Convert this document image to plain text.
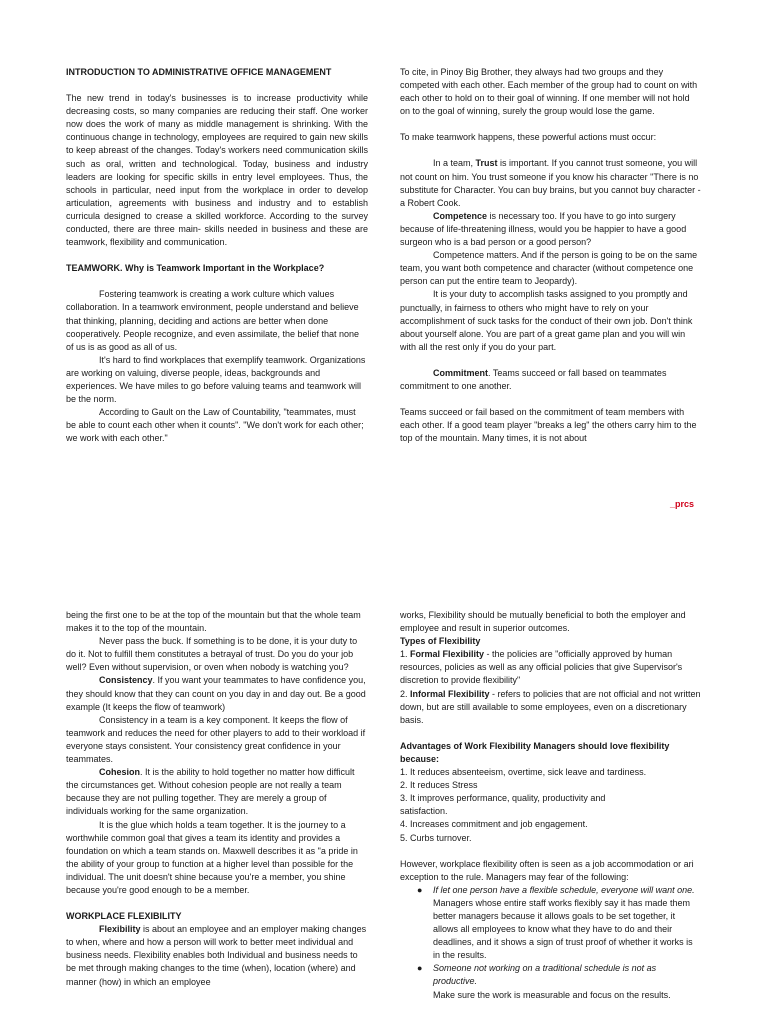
INTRODUCTION TO ADMINISTRATIVE OFFICE MANAGEMENT

The new trend in today's businesses is to increase productivity while decreasing costs, so many companies are reducing their staff. One worker now does the work of many as middle management is shrinking. With the continuous change in technology, employees are required to gain new skills to keep abreast of the changes. Today's workers need communication skills such as oral, written and technological. Today, business and industry leaders are looking for specific skills in entry level employees. Thus, the schools in particular, need input from the workplace in order to develop articulation, agreements with business and industry and to establish curricula designed to crease a skilled workforce. According to the survey conducted, there are three main- skills needed in business and these are teamwork, flexibility and communication.

TEAMWORK. Why is Teamwork Important in the Workplace?

Fostering teamwork is creating a work culture which values collaboration. In a teamwork environment, people understand and believe that thinking, planning, deciding and actions are better when done cooperatively. People recognize, and even assimilate, the belief that none of us is as good as all of us.

It's hard to find workplaces that exemplify teamwork. Organizations are working on valuing, diverse people, ideas, backgrounds and experiences. We have miles to go before valuing teams and teamwork will be the norm.

According to Gault on the Law of Countability, "teammates, must be able to count each other when it counts". "We don't work for each other; we work with each other."

To cite, in Pinoy Big Brother, they always had two groups and they competed with each other. Each member of the group had to count on with each other to hold on to their goal of winning. If one member will not hold on to the goal of winning, surely the group would lose the game.

To make teamwork happens, these powerful actions must occur:

In a team, Trust is important. If you cannot trust someone, you will not count on him. You trust someone if you know his character "There is no substitute for Character. You can buy brains, but you cannot buy character - a Robert Cook.

Competence is necessary too. If you have to go into surgery because of life-threatening illness, would you be happier to have a good surgeon who is a bad person or a good person?

Competence matters. And if the person is going to be on the same team, you want both competence and character (without competence one person can put the entire team to Jeopardy).

It is your duty to accomplish tasks assigned to you promptly and punctually, in fairness to others who might have to rely on your accomplishment of suck tasks for the conduct of their own job. Don't think about yourself alone. You are part of a great game plan and you will win with all the rest only if you do your part.

Commitment. Teams succeed or fall based on teammates commitment to one another.

Teams succeed or fail based on the commitment of team members with each other. If a good team player "breaks a leg" the others carry him to the top of the mountain. Many times, it is not about

_prcs

being the first one to be at the top of the mountain but that the whole team makes it to the top of the mountain.

Never pass the buck. If something is to be done, it is your duty to do it. Not to fulfill them constitutes a betrayal of trust. Do you do your job well? Even without supervision, or oven when nobody is watching you?

Consistency. If you want your teammates to have confidence you, they should know that they can count on you day in and day out. Be a good example (It keeps the flow of teamwork)

Consistency in a team is a key component. It keeps the flow of teamwork and reduces the need for other players to add to their workload if everyone stays consistent. Your consistency great confidence in your teammates.

Cohesion. It is the ability to hold together no matter how difficult the circumstances get. Without cohesion people are not really a team because they are not pulling together. They are merely a group of individuals working for the same organization.

It is the glue which holds a team together. It is the journey to a worthwhile common goal that gives a team its identity and provides a foundation on which a team stands on. Maxwell describes it as "a pride in the ability of your group to function at a higher level than possible for the individual. The unit doesn't shine because you're a member, you shine because you're good enough to be a member.

WORKPLACE FLEXIBILITY

Flexibility is about an employee and an employer making changes to when, where and how a person will work to better meet individual and business needs. Flexibility enables both Individual and business needs to be met through making changes to the time (when), location (where) and manner (how) in which an employee

works, Flexibility should be mutually beneficial to both the employer and employee and result in superior outcomes.

Types of Flexibility

1. Formal Flexibility - the policies are "officially approved by human resources, policies as well as any official policies that give Supervisor's discretion to provide flexibility"

2. Informal Flexibility - refers to policies that are not official and not written down, but are still available to some employees, even on a discretionary basis.

Advantages of Work Flexibility Managers should love flexibility because:

1. It reduces absenteeism, overtime, sick leave and tardiness.

2. It reduces Stress

3. It improves performance, quality, productivity and

satisfaction.

4. Increases commitment and job engagement.

5. Curbs turnover.

However, workplace flexibility often is seen as a job accommodation or ari exception to the rule. Managers may fear of the following:

● If let one person have a flexible schedule, everyone will want one.
Managers whose entire staff works flexibly say it has made them better managers because it allows goals to be set together, it allows all employees to know what they have to do and their deadlines, and it shows a sign of trust proof of whether it works is in the results.
● Someone not working on a traditional schedule is not as productive.
Make sure the work is measurable and focus on the results.
